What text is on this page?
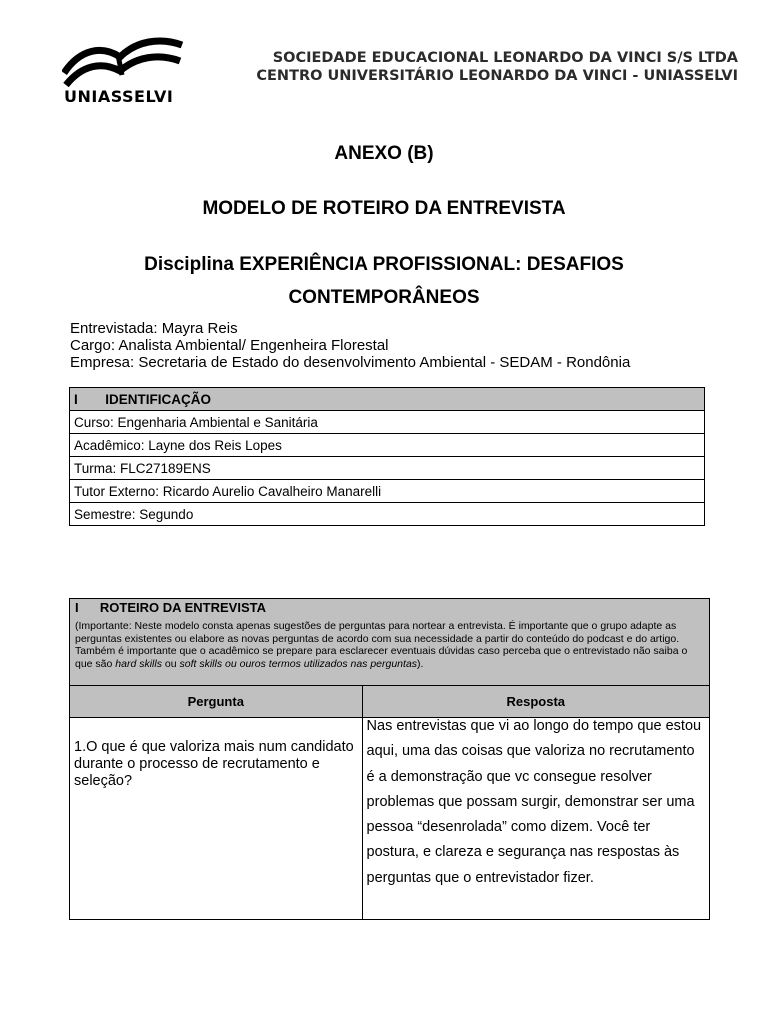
UNIASSELVI
SOCIEDADE EDUCACIONAL LEONARDO DA VINCI S/S LTDA
CENTRO UNIVERSITÁRIO LEONARDO DA VINCI - UNIASSELVI
ANEXO (B)
MODELO DE ROTEIRO DA ENTREVISTA
Disciplina EXPERIÊNCIA PROFISSIONAL: DESAFIOS
CONTEMPORÂNEOS
Entrevistada: Mayra Reis
Cargo: Analista Ambiental/ Engenheira Florestal
Empresa: Secretaria de Estado do desenvolvimento Ambiental - SEDAM - Rondônia
I IDENTIFICAÇÃO
Curso: Engenharia Ambiental e Sanitária
Acadêmico: Layne dos Reis Lopes
Turma: FLC27189ENS
Tutor Externo: Ricardo Aurelio Cavalheiro Manarelli
Semestre: Segundo
I ROTEIRO DA ENTREVISTA
(Importante: Neste modelo consta apenas sugestões de perguntas para nortear a entrevista. É importante que o grupo adapte as perguntas existentes ou elabore as novas perguntas de acordo com sua necessidade a partir do conteúdo do podcast e do artigo. Também é importante que o acadêmico se prepare para esclarecer eventuais dúvidas caso perceba que o entrevistado não saiba o que são hard skills ou soft skills ou ouros termos utilizados nas perguntas).	

Pergunta	Resposta

1.O que é que valoriza mais num candidato durante o processo de recrutamento e seleção?	Nas entrevistas que vi ao longo do tempo que estou aqui, uma das coisas que valoriza no recrutamento é a demonstração que vc consegue resolver problemas que possam surgir, demonstrar ser uma pessoa “desenrolada” como dizem. Você ter postura, e clareza e segurança nas respostas às perguntas que o entrevistador fizer.
